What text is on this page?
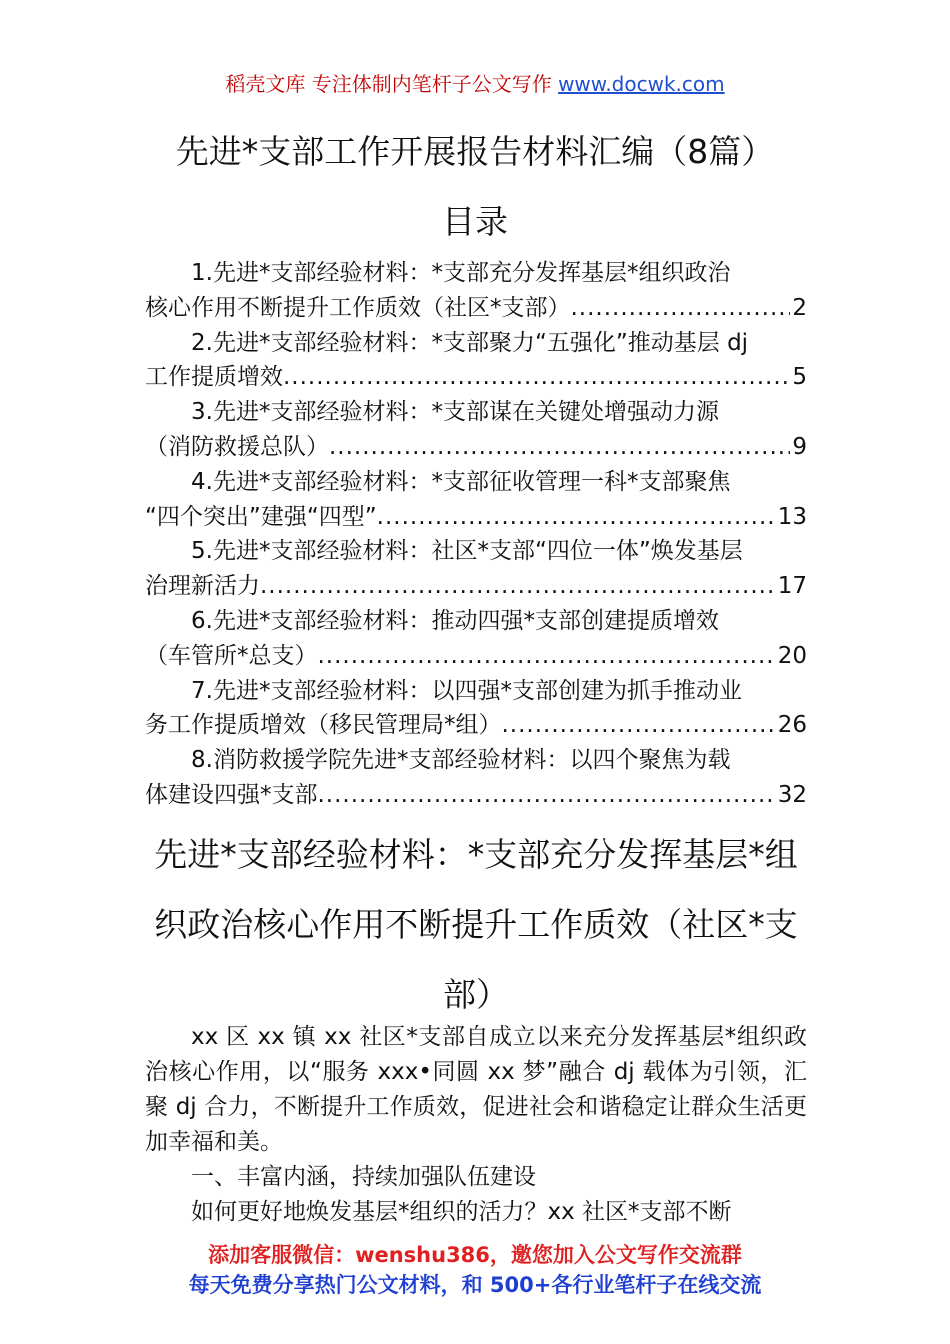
稻壳文库 专注体制内笔杆子公文写作 www.docwk.com
先进*支部工作开展报告材料汇编（8篇）
目录
1.先进*支部经验材料：*支部充分发挥基层*组织政治
核心作用不断提升工作质效（社区*支部） .....	2
2.先进*支部经验材料：*支部聚力“五强化”推动基层 dj
工作提质增效 .....	5
3.先进*支部经验材料：*支部谋在关键处增强动力源
（消防救援总队） .....	9
4.先进*支部经验材料：*支部征收管理一科*支部聚焦
“四个突出”建强“四型” .....	13
5.先进*支部经验材料：社区*支部“四位一体”焕发基层
治理新活力 .....	17
6.先进*支部经验材料：推动四强*支部创建提质增效
（车管所*总支） .....	20
7.先进*支部经验材料：以四强*支部创建为抓手推动业
务工作提质增效（移民管理局*组） .....	26
8.消防救援学院先进*支部经验材料：以四个聚焦为载
体建设四强*支部 .....	32
先进*支部经验材料：*支部充分发挥基层*组织政治核心作用不断提升工作质效（社区*支部）

xx 区 xx 镇 xx 社区*支部自成立以来充分发挥基层*组织政治核心作用，以“服务 xxx•同圆 xx 梦”融合 dj 载体为引领，汇聚 dj 合力，不断提升工作质效，促进社会和谐稳定让群众生活更加幸福和美。

一、丰富内涵，持续加强队伍建设

如何更好地焕发基层*组织的活力？xx 社区*支部不断

添加客服微信：wenshu386，邀您加入公文写作交流群
每天免费分享热门公文材料，和 500+各行业笔杆子在线交流
